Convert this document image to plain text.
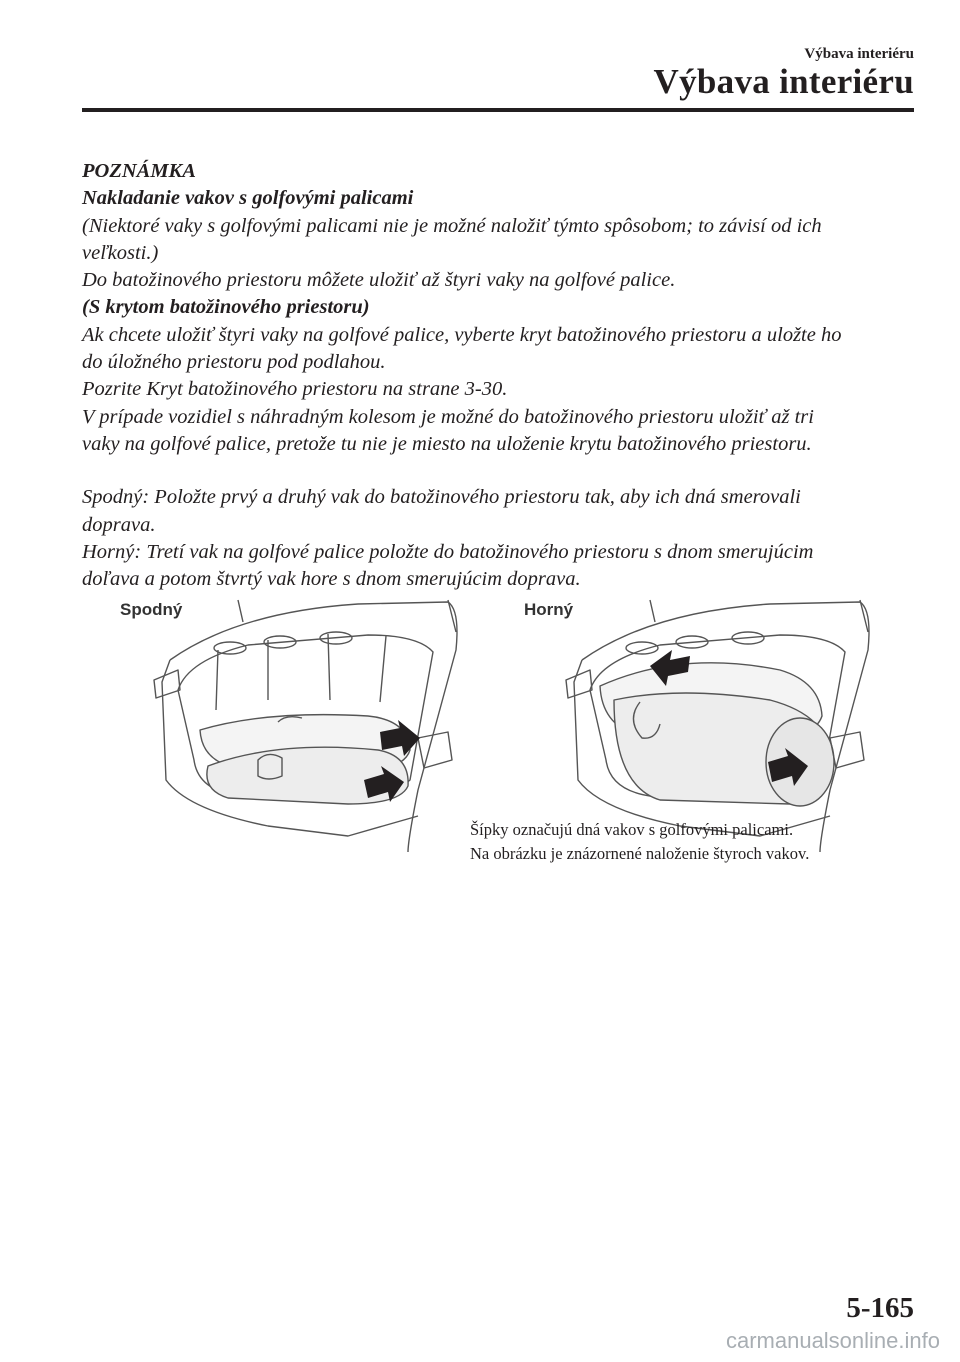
Výbava interiéru
Výbava interiéru

POZNÁMKA

Nakladanie vakov s golfovými palicami

(Niektoré vaky s golfovými palicami nie je možné naložiť týmto spôsobom; to závisí od ich

veľkosti.)

Do batožinového priestoru môžete uložiť až štyri vaky na golfové palice.

(S krytom batožinového priestoru)

Ak chcete uložiť štyri vaky na golfové palice, vyberte kryt batožinového priestoru a uložte ho

do úložného priestoru pod podlahou.

Pozrite Kryt batožinového priestoru na strane 3-30.

V prípade vozidiel s náhradným kolesom je možné do batožinového priestoru uložiť až tri

vaky na golfové palice, pretože tu nie je miesto na uloženie krytu batožinového priestoru.

Spodný: Položte prvý a druhý vak do batožinového priestoru tak, aby ich dná smerovali

doprava.

Horný: Tretí vak na golfové palice položte do batožinového priestoru s dnom smerujúcim

doľava a potom štvrtý vak hore s dnom smerujúcim doprava.

Spodný	Horný

Šípky označujú dná vakov s golfovými palicami.

Na obrázku je znázornené naloženie štyroch vakov.

5-165
carmanualsonline.info
